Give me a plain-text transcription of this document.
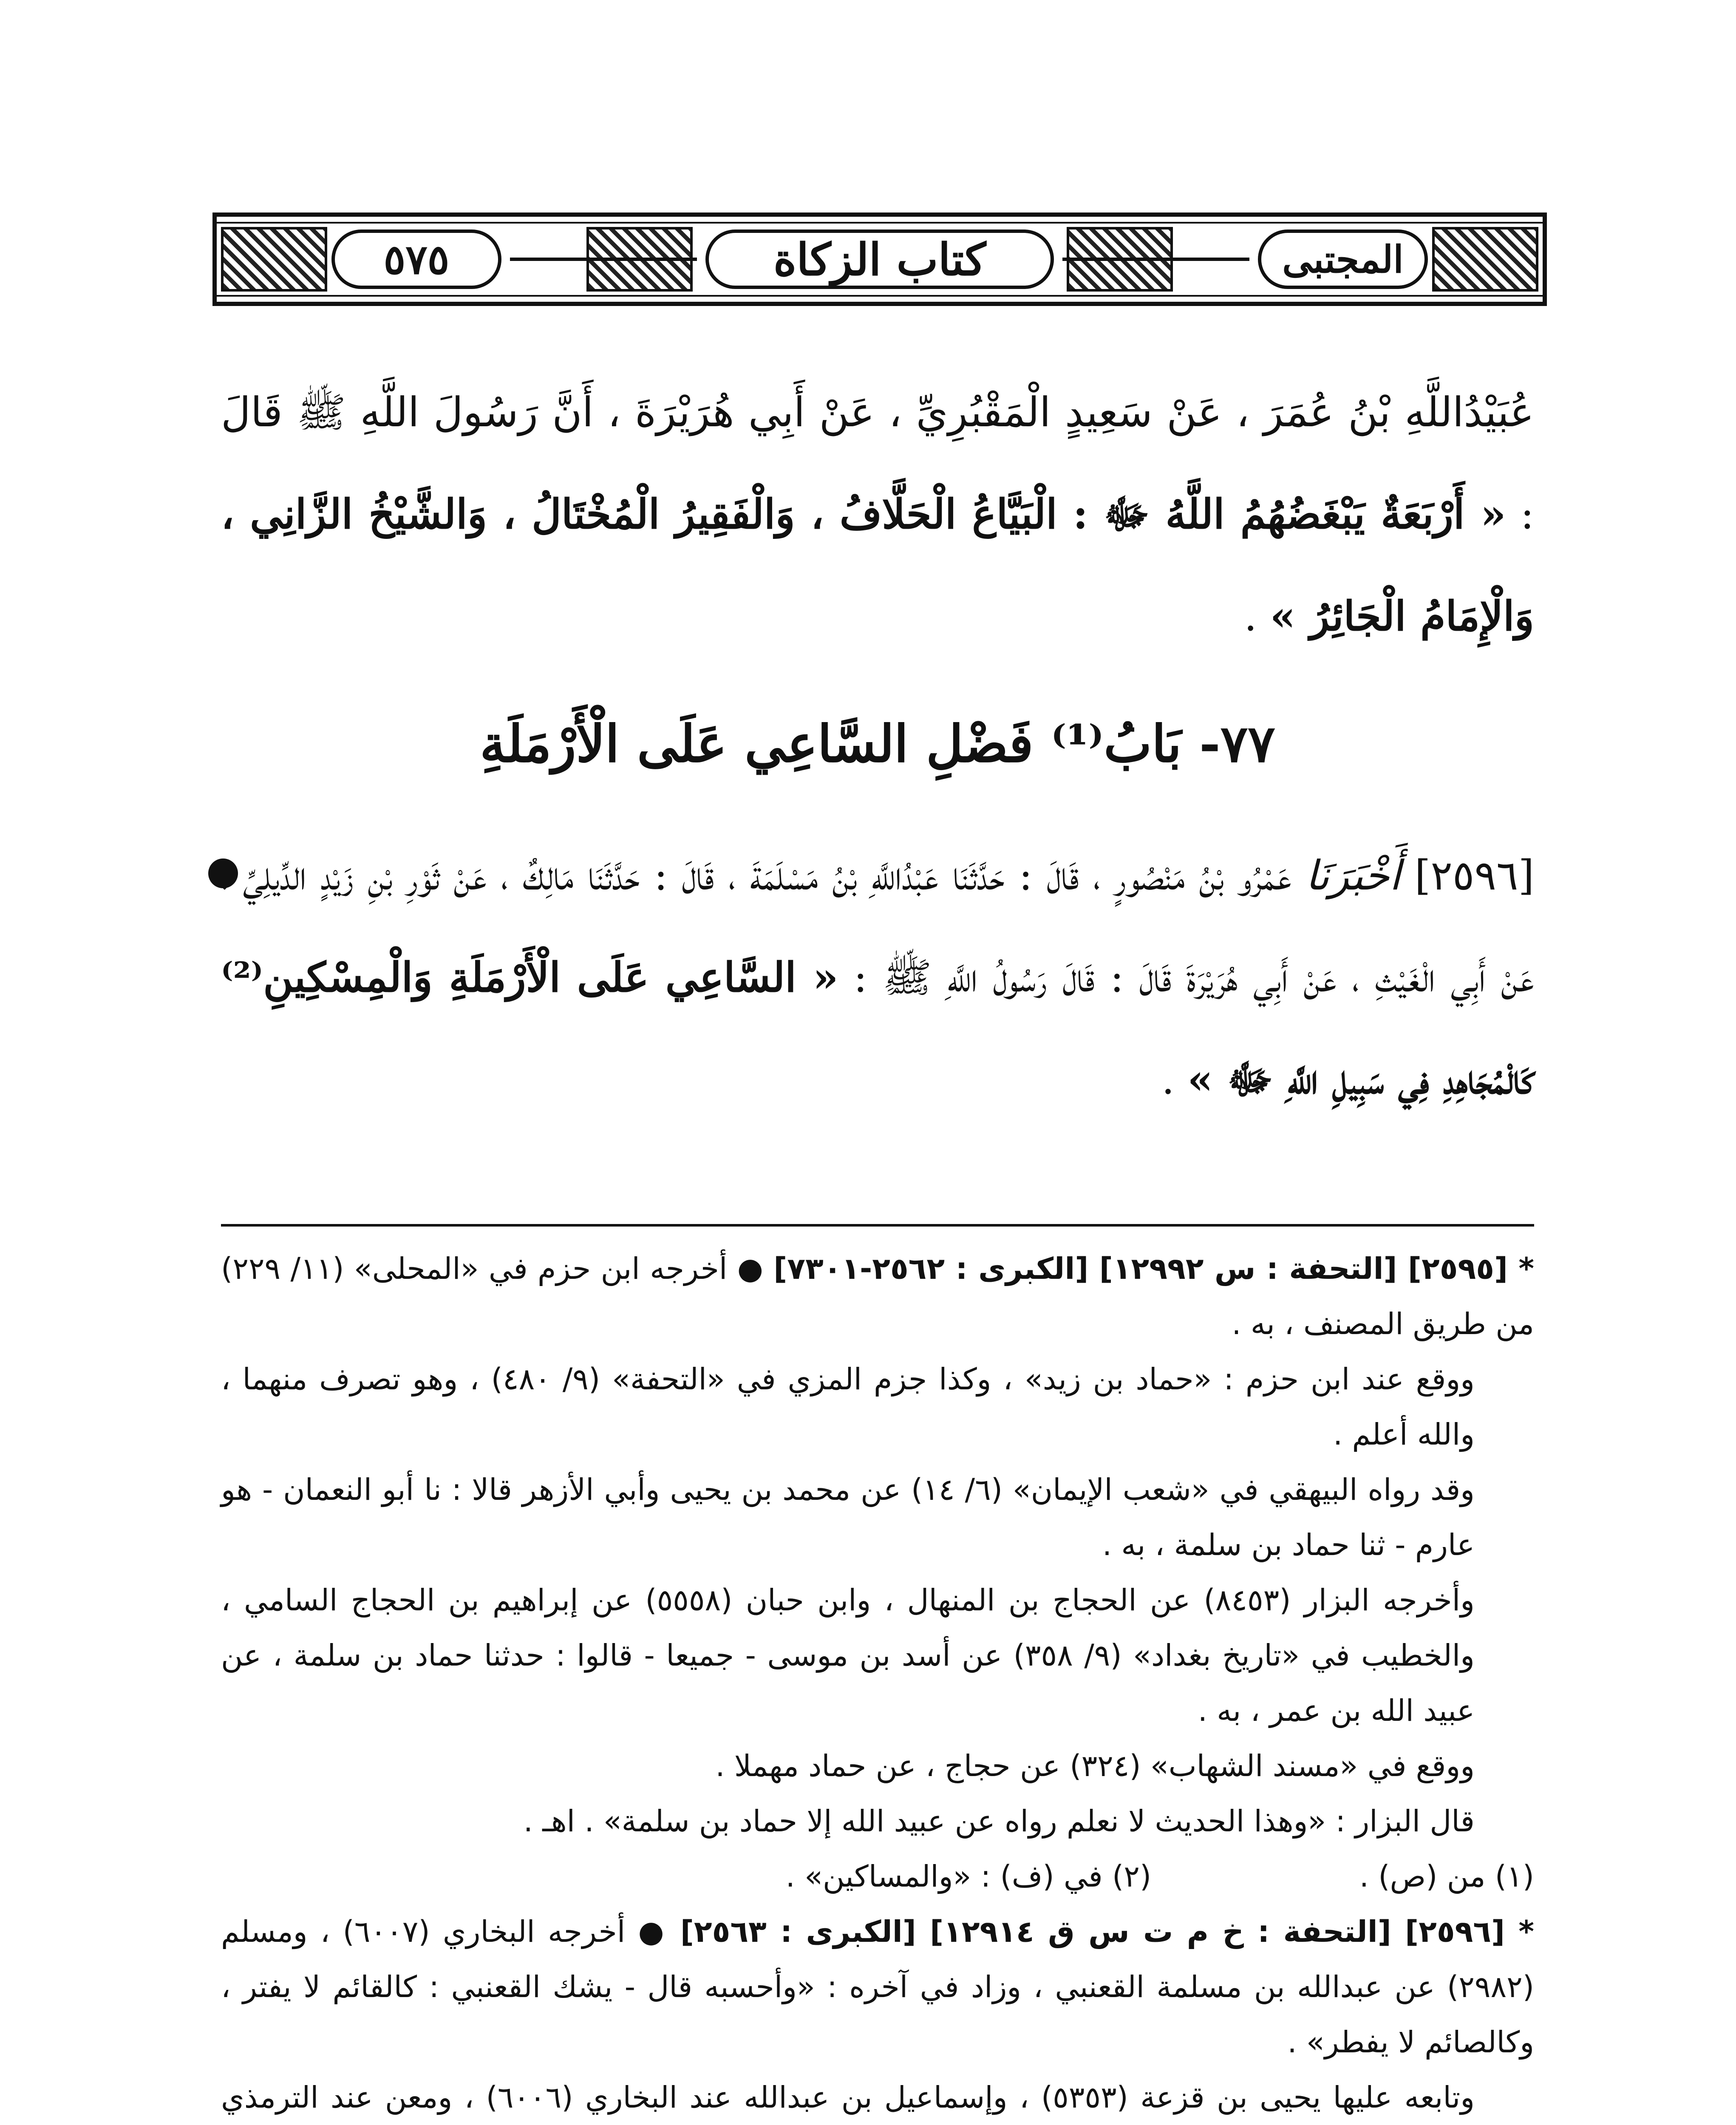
٥٧٥	كتاب الزكاة	المجتبى
عُبَيْدُاللَّهِ بْنُ عُمَرَ ، عَنْ سَعِيدٍ الْمَقْبُرِيِّ ، عَنْ أَبِي هُرَيْرَةَ ، أَنَّ رَسُولَ اللَّهِ ﷺ قَالَ : « أَرْبَعَةٌ يَبْغَضُهُمُ اللَّهُ ﷻ : الْبَيَّاعُ الْحَلَّافُ ، وَالْفَقِيرُ الْمُخْتَالُ ، وَالشَّيْخُ الزَّانِي ، وَالْإِمَامُ الْجَائِرُ » .
٧٧- بَابُ⁽¹⁾ فَضْلِ السَّاعِي عَلَى الْأَرْمَلَةِ
[٢٥٩٦] أَخْبَرَنَا عَمْرُو بْنُ مَنْصُورٍ ، قَالَ : حَدَّثَنَا عَبْدُاللَّهِ بْنُ مَسْلَمَةَ ، قَالَ : حَدَّثَنَا مَالِكٌ ، عَنْ ثَوْرِ بْنِ زَيْدٍ الدِّيلِيِّ ، عَنْ أَبِي الْغَيْثِ ، عَنْ أَبِي هُرَيْرَةَ قَالَ : قَالَ رَسُولُ اللَّهِ ﷺ : « السَّاعِي عَلَى الْأَرْمَلَةِ وَالْمِسْكِينِ⁽²⁾ كَالْمُجَاهِدِ فِي سَبِيلِ اللَّهِ ﷻ » .

* [٢٥٩٥] [التحفة : س ١٢٩٩٢] [الكبرى : ٢٥٦٢-٧٣٠١] ● أخرجه ابن حزم في «المحلى» (١١/ ٢٢٩) من طريق المصنف ، به .

ووقع عند ابن حزم : «حماد بن زيد» ، وكذا جزم المزي في «التحفة» (٩/ ٤٨٠) ، وهو تصرف منهما ، والله أعلم .

وقد رواه البيهقي في «شعب الإيمان» (٦/ ١٤) عن محمد بن يحيى وأبي الأزهر قالا : نا أبو النعمان - هو عارم - ثنا حماد بن سلمة ، به .

وأخرجه البزار (٨٤٥٣) عن الحجاج بن المنهال ، وابن حبان (٥٥٥٨) عن إبراهيم بن الحجاج السامي ، والخطيب في «تاريخ بغداد» (٩/ ٣٥٨) عن أسد بن موسى - جميعا - قالوا : حدثنا حماد بن سلمة ، عن عبيد الله بن عمر ، به .

ووقع في «مسند الشهاب» (٣٢٤) عن حجاج ، عن حماد مهملا .

قال البزار : «وهذا الحديث لا نعلم رواه عن عبيد الله إلا حماد بن سلمة» . اهـ .

(١) من (ص) .                      (٢) في (ف) : «والمساكين» .

* [٢٥٩٦] [التحفة : خ م ت س ق ١٢٩١٤] [الكبرى : ٢٥٦٣] ● أخرجه البخاري (٦٠٠٧) ، ومسلم (٢٩٨٢) عن عبدالله بن مسلمة القعنبي ، وزاد في آخره : «وأحسبه قال - يشك القعنبي : كالقائم لا يفتر ، وكالصائم لا يفطر» .

وتابعه عليها يحيى بن قزعة (٥٣٥٣) ، وإسماعيل بن عبدالله عند البخاري (٦٠٠٦) ، ومعن عند الترمذي
